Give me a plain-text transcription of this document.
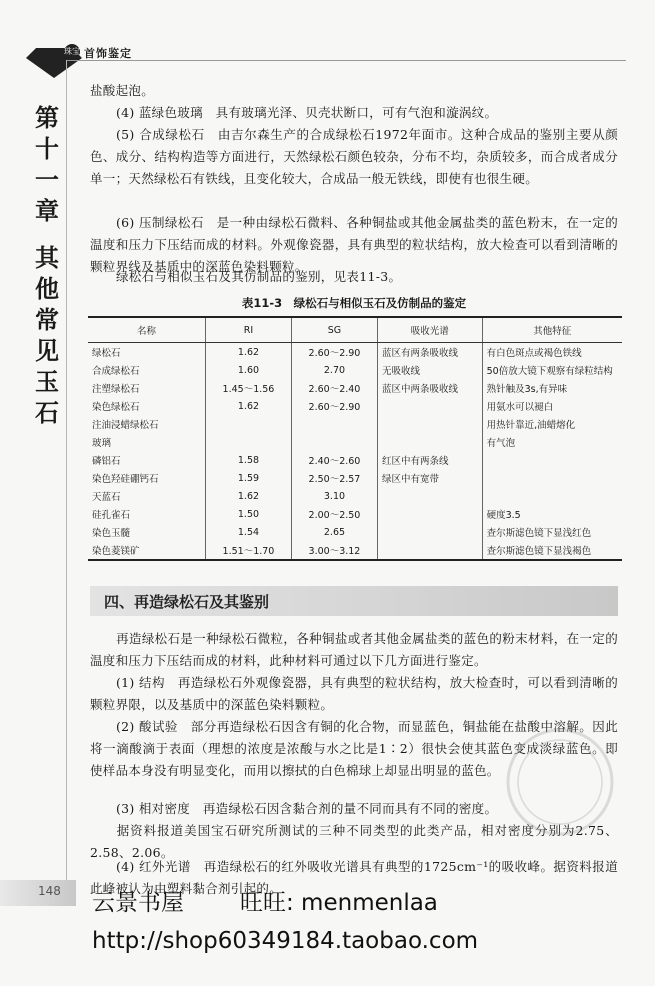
珠宝 首饰鉴定
第
十
一
章
其
他
常
见
玉
石
盐酸起泡。
(4) 蓝绿色玻璃　具有玻璃光泽、贝壳状断口，可有气泡和漩涡纹。
(5) 合成绿松石　由吉尔森生产的合成绿松石1972年面市。这种合成品的鉴别主要从颜色、成分、结构构造等方面进行，天然绿松石颜色较杂，分布不均，杂质较多，而合成者成分单一；天然绿松石有铁线，且变化较大，合成品一般无铁线，即使有也很生硬。
(6) 压制绿松石　是一种由绿松石微料、各种铜盐或其他金属盐类的蓝色粉末，在一定的温度和压力下压结而成的材料。外观像瓷器，具有典型的粒状结构，放大检查可以看到清晰的颗粒界线及基质中的深蓝色染料颗粒。
绿松石与相似玉石及其仿制品的鉴别，见表11-3。
表11-3　绿松石与相似玉石及仿制品的鉴定
名称	RI	SG	吸收光谱	其他特征
绿松石	1.62	2.60～2.90	蓝区有两条吸收线	有白色斑点或褐色铁线
合成绿松石	1.60	2.70	无吸收线	50倍放大镜下观察有绿粒结构
注塑绿松石	1.45～1.56	2.60～2.40	蓝区中两条吸收线	熟针触及3s,有异味
染色绿松石	1.62	2.60～2.90		用氨水可以褪白
注油浸蜡绿松石				用热针靠近,油蜡熔化
玻璃				有气泡
磷铝石	1.58	2.40～2.60	红区中有两条线	
染色羟硅硼钙石	1.59	2.50～2.57	绿区中有宽带	
天蓝石	1.62	3.10		
硅孔雀石	1.50	2.00～2.50		硬度3.5
染色玉髓	1.54	2.65		查尔斯滤色镜下显浅红色
染色菱镁矿	1.51～1.70	3.00～3.12		查尔斯滤色镜下显浅褐色
四、再造绿松石及其鉴别
再造绿松石是一种绿松石微粒，各种铜盐或者其他金属盐类的蓝色的粉末材料，在一定的温度和压力下压结而成的材料，此种材料可通过以下几方面进行鉴定。
(1) 结构　再造绿松石外观像瓷器，具有典型的粒状结构，放大检查时，可以看到清晰的颗粒界限，以及基质中的深蓝色染料颗粒。
(2) 酸试验　部分再造绿松石因含有铜的化合物，而显蓝色，铜盐能在盐酸中溶解。因此将一滴酸滴于表面（理想的浓度是浓酸与水之比是1∶2）很快会使其蓝色变成淡绿蓝色。即使样品本身没有明显变化，而用以擦拭的白色棉球上却显出明显的蓝色。
(3) 相对密度　再造绿松石因含黏合剂的量不同而具有不同的密度。
据资料报道美国宝石研究所测试的三种不同类型的此类产品，相对密度分别为2.75、2.58、2.06。
(4) 红外光谱　再造绿松石的红外吸收光谱具有典型的1725cm⁻¹的吸收峰。据资料报道此峰被认为由塑料黏合剂引起的。
148 云景书屋 旺旺: menmenlaa
http://shop60349184.taobao.com
